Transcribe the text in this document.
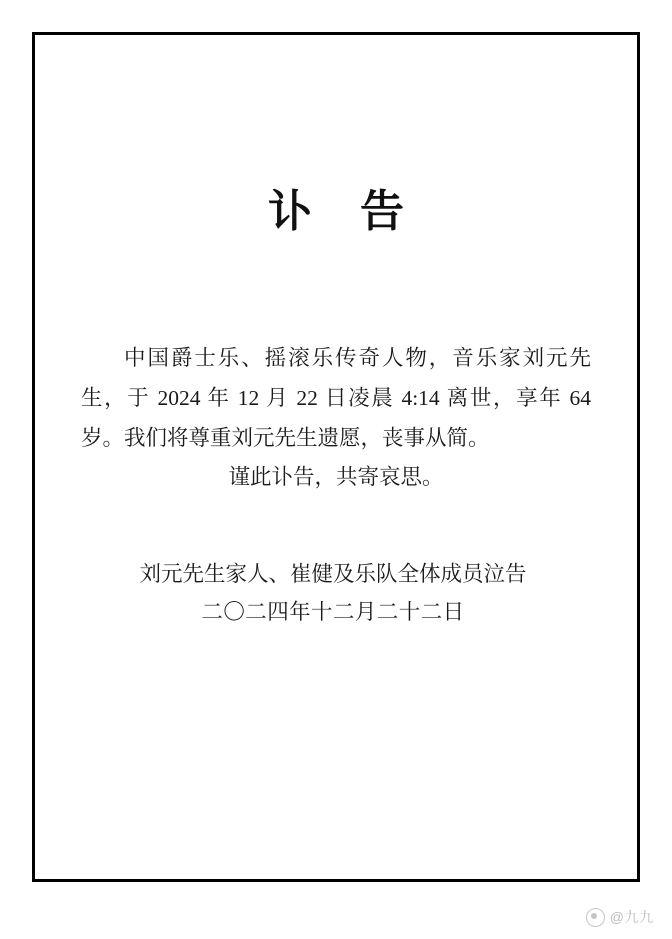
讣 告

中国爵士乐、摇滚乐传奇人物，音乐家刘元先生，于 2024 年 12 月 22 日凌晨 4:14 离世，享年 64 岁。我们将尊重刘元先生遗愿，丧事从简。

谨此讣告，共寄哀思。

刘元先生家人、崔健及乐队全体成员泣告

二〇二四年十二月二十二日

@九九
